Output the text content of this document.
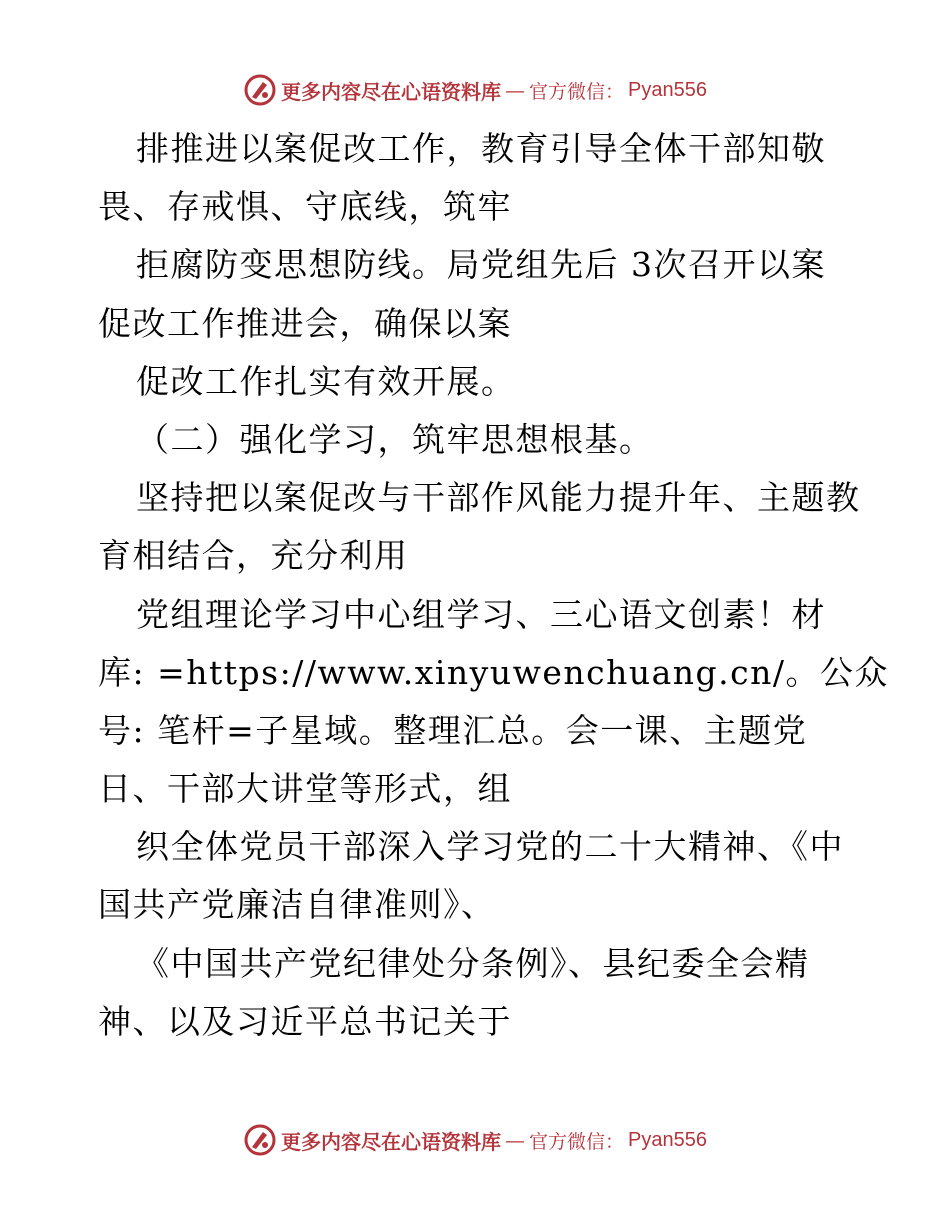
更多内容尽在心语资料库 — 官方微信： Pyan556
排推进以案促改工作，教育引导全体干部知敬
畏、存戒惧、守底线，筑牢
拒腐防变思想防线。局党组先后 3次召开以案
促改工作推进会，确保以案
促改工作扎实有效开展。
（二）强化学习，筑牢思想根基。
坚持把以案促改与干部作风能力提升年、主题教
育相结合，充分利用
党组理论学习中心组学习、三心语文创素！材
库: =https://www.xinyuwenchuang.cn/。公众
号: 笔杆=子星域。整理汇总。会一课、主题党
日、干部大讲堂等形式，组
织全体党员干部深入学习党的二十大精神、《中
国共产党廉洁自律准则》、
《中国共产党纪律处分条例》、县纪委全会精
神、以及习近平总书记关于
更多内容尽在心语资料库 — 官方微信： Pyan556
